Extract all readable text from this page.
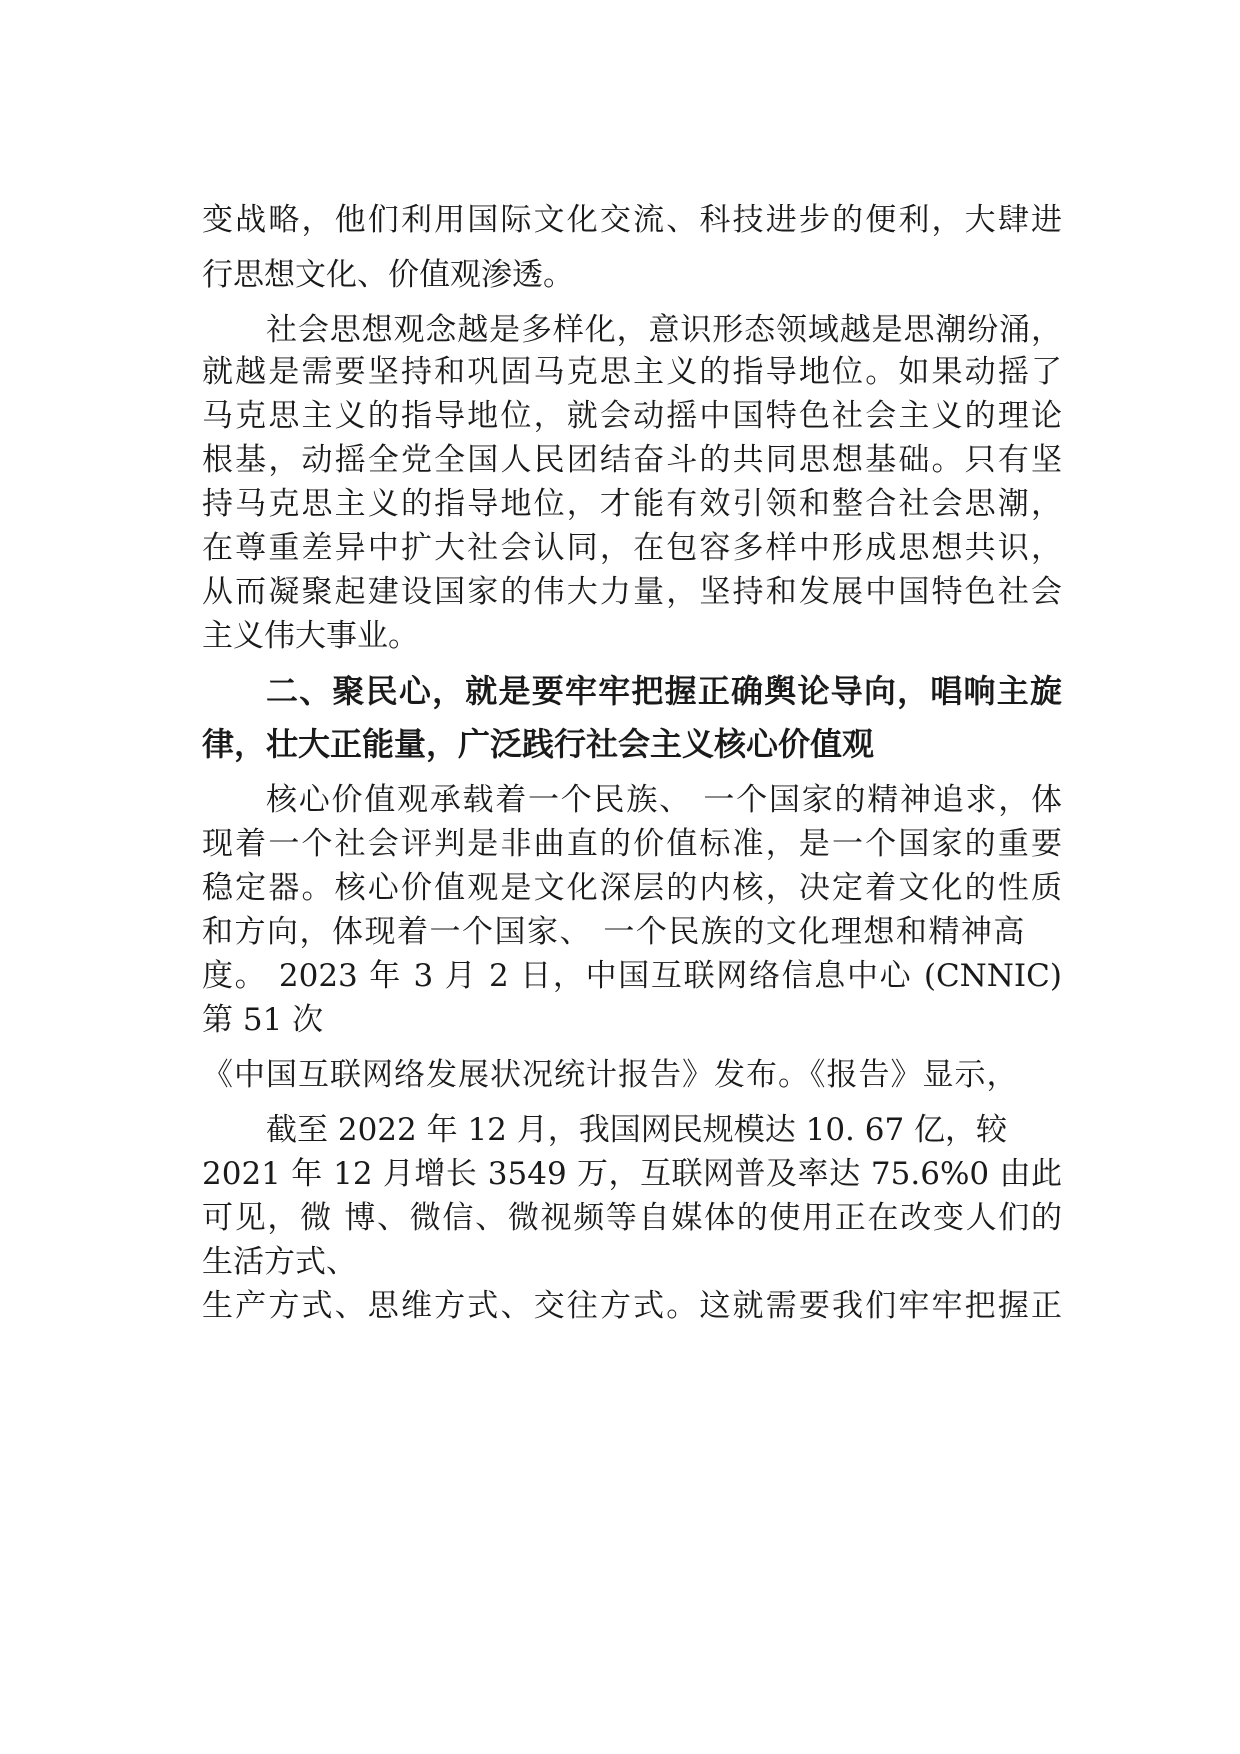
变战略，他们利用国际文化交流、科技进步的便利，大肆进
行思想文化、价值观渗透。
社会思想观念越是多样化，意识形态领域越是思潮纷涌，
就越是需要坚持和巩固马克思主义的指导地位。如果动摇了
马克思主义的指导地位，就会动摇中国特色社会主义的理论
根基，动摇全党全国人民团结奋斗的共同思想基础。只有坚
持马克思主义的指导地位，才能有效引领和整合社会思潮，
在尊重差异中扩大社会认同，在包容多样中形成思想共识，
从而凝聚起建设国家的伟大力量，坚持和发展中国特色社会
主义伟大事业。
二、聚民心，就是要牢牢把握正确舆论导向，唱响主旋
律，壮大正能量，广泛践行社会主义核心价值观
核心价值观承载着一个民族、 一个国家的精神追求，体
现着一个社会评判是非曲直的价值标准，是一个国家的重要
稳定器。核心价值观是文化深层的内核，决定着文化的性质
和方向，体现着一个国家、 一个民族的文化理想和精神高
度。 2023 年 3 月 2 日，中国互联网络信息中心 (CNNIC)
第 51 次
《中国互联网络发展状况统计报告》发布。《报告》显示，
截至 2022 年 12 月，我国网民规模达 10. 67 亿，较
2021 年 12 月增长 3549 万，互联网普及率达 75.6%0 由此
可见，微 博、微信、微视频等自媒体的使用正在改变人们的
生活方式、
生产方式、思维方式、交往方式。这就需要我们牢牢把握正
